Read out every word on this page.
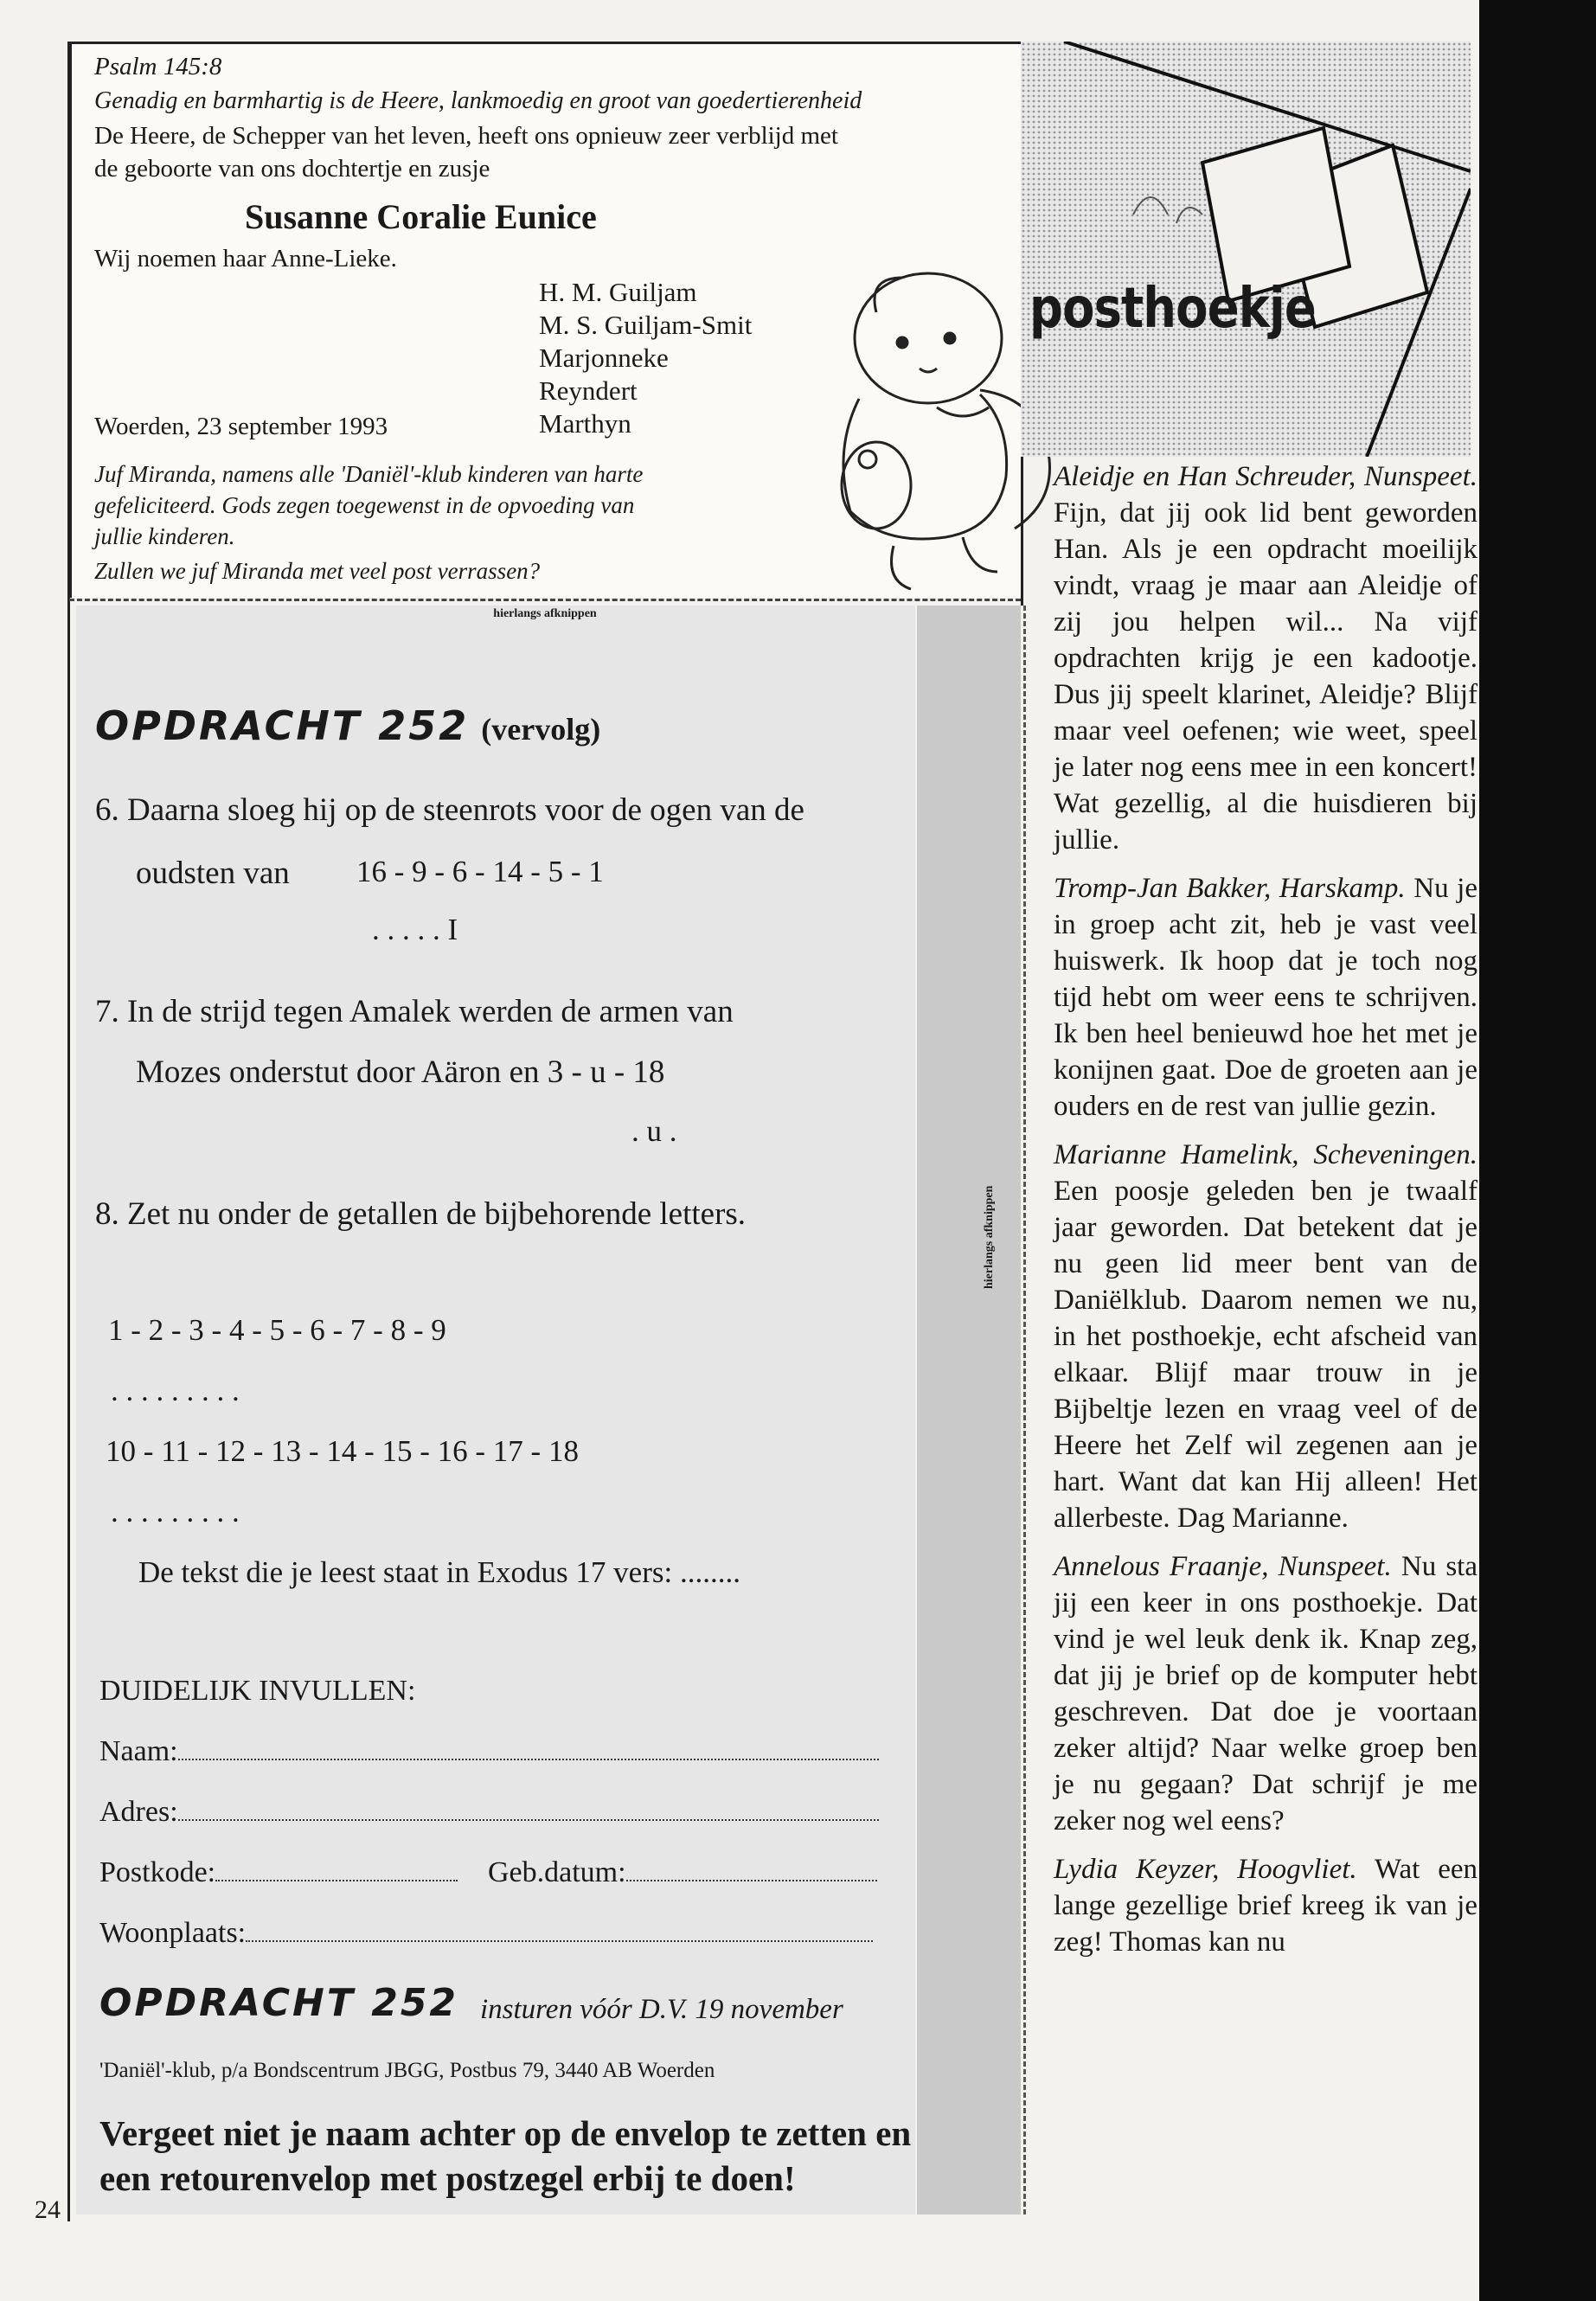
Psalm 145:8
Genadig en barmhartig is de Heere, lankmoedig en groot van goedertierenheid
De Heere, de Schepper van het leven, heeft ons opnieuw zeer verblijd met
de geboorte van ons dochtertje en zusje
Susanne Coralie Eunice
Wij noemen haar Anne-Lieke.
H. M. Guiljam
M. S. Guiljam-Smit
Marjonneke
Reyndert
Marthyn
Woerden, 23 september 1993
Juf Miranda, namens alle 'Daniël'-klub kinderen van harte
gefeliciteerd. Gods zegen toegewenst in de opvoeding van
jullie kinderen.
Zullen we juf Miranda met veel post verrassen?
hierlangs afknippen
hierlangs afknippen
OPDRACHT 252 (vervolg)
6. Daarna sloeg hij op de steenrots voor de ogen van de
oudsten van 16 - 9 - 6 - 14 - 5 - 1
. . . . . I
7. In de strijd tegen Amalek werden de armen van
Mozes onderstut door Aäron en 3 - u - 18
. u .
8. Zet nu onder de getallen de bijbehorende letters.
1 - 2 - 3 - 4 - 5 - 6 - 7 - 8 - 9
. . . . . . . . .
10 - 11 - 12 - 13 - 14 - 15 - 16 - 17 - 18
. . . . . . . . .
De tekst die je leest staat in Exodus 17 vers: ........
DUIDELIJK INVULLEN:
Naam:
Adres:
Postkode:	Geb.datum:
Woonplaats:
OPDRACHT 252 insturen vóór D.V. 19 november
'Daniël'-klub, p/a Bondscentrum JBGG, Postbus 79, 3440 AB Woerden
Vergeet niet je naam achter op de envelop te zetten en een retourenvelop met postzegel erbij te doen!
24
posthoekje

Aleidje en Han Schreuder, Nunspeet. Fijn, dat jij ook lid bent geworden Han. Als je een opdracht moeilijk vindt, vraag je maar aan Aleidje of zij jou helpen wil... Na vijf opdrachten krijg je een kadootje. Dus jij speelt klarinet, Aleidje? Blijf maar veel oefenen; wie weet, speel je later nog eens mee in een koncert! Wat gezellig, al die huisdieren bij jullie.

Tromp-Jan Bakker, Harskamp. Nu je in groep acht zit, heb je vast veel huiswerk. Ik hoop dat je toch nog tijd hebt om weer eens te schrijven. Ik ben heel benieuwd hoe het met je konijnen gaat. Doe de groeten aan je ouders en de rest van jullie gezin.

Marianne Hamelink, Scheveningen. Een poosje geleden ben je twaalf jaar geworden. Dat betekent dat je nu geen lid meer bent van de Daniëlklub. Daarom nemen we nu, in het posthoekje, echt afscheid van elkaar. Blijf maar trouw in je Bijbeltje lezen en vraag veel of de Heere het Zelf wil zegenen aan je hart. Want dat kan Hij alleen! Het allerbeste. Dag Marianne.

Annelous Fraanje, Nunspeet. Nu sta jij een keer in ons posthoekje. Dat vind je wel leuk denk ik. Knap zeg, dat jij je brief op de komputer hebt geschreven. Dat doe je voortaan zeker altijd? Naar welke groep ben je nu gegaan? Dat schrijf je me zeker nog wel eens?

Lydia Keyzer, Hoogvliet. Wat een lange gezellige brief kreeg ik van je zeg! Thomas kan nu
